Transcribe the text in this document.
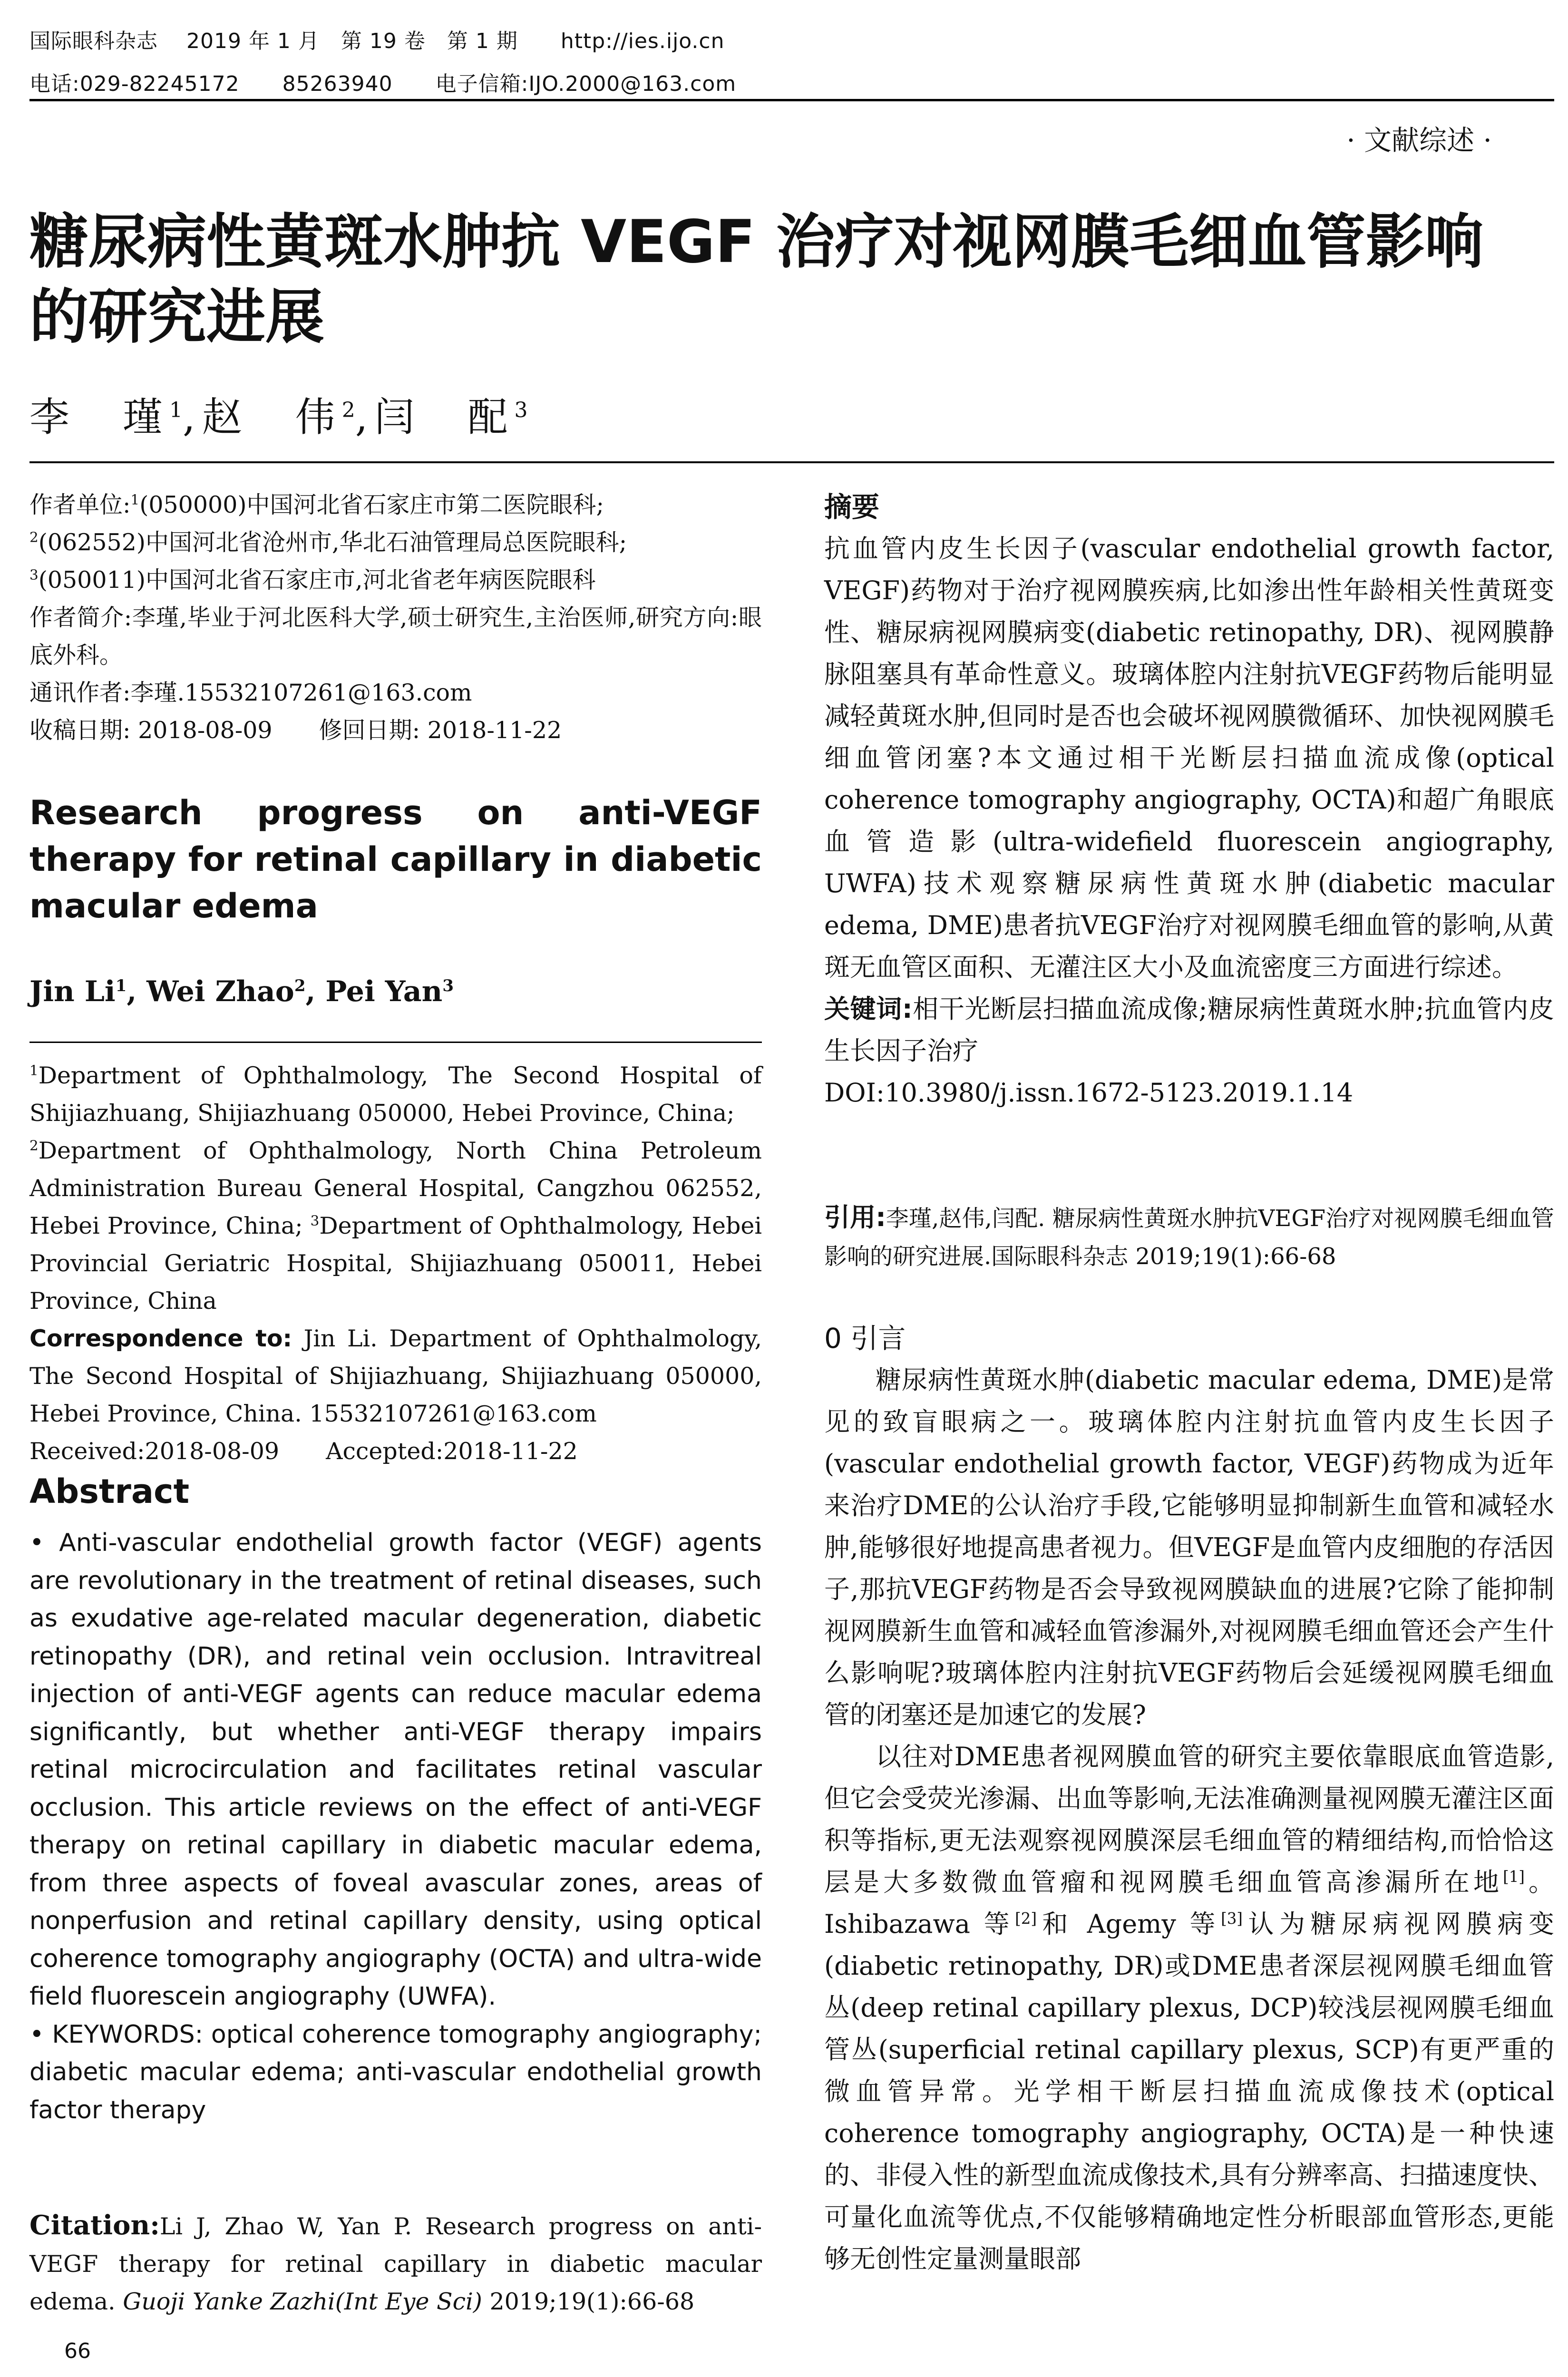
国际眼科杂志　 2019 年 1 月　第 19 卷　第 1 期　　http://ies.ijo.cn
电话:029-82245172　　85263940　　电子信箱:IJO.2000@163.com
· 文献综述 ·
糖尿病性黄斑水肿抗 VEGF 治疗对视网膜毛细血管影响的研究进展
李　瑾$^1$,赵　伟$^2$,闫　配$^3$

作者单位:$^1$(050000)中国河北省石家庄市第二医院眼科;

$^2$(062552)中国河北省沧州市,华北石油管理局总医院眼科;

$^3$(050011)中国河北省石家庄市,河北省老年病医院眼科

作者简介:李瑾,毕业于河北医科大学,硕士研究生,主治医师,研究方向:眼底外科。

通讯作者:李瑾.15532107261@163.com

收稿日期: 2018-08-09　　修回日期: 2018-11-22

Research progress on anti-VEGF therapy for retinal capillary in diabetic macular edema
Jin Li$^1$, Wei Zhao$^2$, Pei Yan$^3$

$^1$Department of Ophthalmology, The Second Hospital of Shijiazhuang, Shijiazhuang 050000, Hebei Province, China;

$^2$Department of Ophthalmology, North China Petroleum Administration Bureau General Hospital, Cangzhou 062552, Hebei Province, China; $^3$Department of Ophthalmology, Hebei Provincial Geriatric Hospital, Shijiazhuang 050011, Hebei Province, China

Correspondence to: Jin Li. Department of Ophthalmology, The Second Hospital of Shijiazhuang, Shijiazhuang 050000, Hebei Province, China. 15532107261@163.com

Received:2018-08-09　　Accepted:2018-11-22

Abstract

• Anti-vascular endothelial growth factor (VEGF) agents are revolutionary in the treatment of retinal diseases, such as exudative age-related macular degeneration, diabetic retinopathy (DR), and retinal vein occlusion. Intravitreal injection of anti-VEGF agents can reduce macular edema significantly, but whether anti-VEGF therapy impairs retinal microcirculation and facilitates retinal vascular occlusion. This article reviews on the effect of anti-VEGF therapy on retinal capillary in diabetic macular edema, from three aspects of foveal avascular zones, areas of nonperfusion and retinal capillary density, using optical coherence tomography angiography (OCTA) and ultra-wide field fluorescein angiography (UWFA).

• KEYWORDS: optical coherence tomography angiography; diabetic macular edema; anti-vascular endothelial growth factor therapy

Citation:Li J, Zhao W, Yan P. Research progress on anti-VEGF therapy for retinal capillary in diabetic macular edema. Guoji Yanke Zazhi(Int Eye Sci) 2019;19(1):66-68

66
摘要

抗血管内皮生长因子(vascular endothelial growth factor, VEGF)药物对于治疗视网膜疾病,比如渗出性年龄相关性黄斑变性、糖尿病视网膜病变(diabetic retinopathy, DR)、视网膜静脉阻塞具有革命性意义。玻璃体腔内注射抗VEGF药物后能明显减轻黄斑水肿,但同时是否也会破坏视网膜微循环、加快视网膜毛细血管闭塞?本文通过相干光断层扫描血流成像(optical coherence tomography angiography, OCTA)和超广角眼底血管造影(ultra-widefield fluorescein angiography, UWFA)技术观察糖尿病性黄斑水肿(diabetic macular edema, DME)患者抗VEGF治疗对视网膜毛细血管的影响,从黄斑无血管区面积、无灌注区大小及血流密度三方面进行综述。

关键词:相干光断层扫描血流成像;糖尿病性黄斑水肿;抗血管内皮生长因子治疗

DOI:10.3980/j.issn.1672-5123.2019.1.14

引用:李瑾,赵伟,闫配. 糖尿病性黄斑水肿抗VEGF治疗对视网膜毛细血管影响的研究进展.国际眼科杂志 2019;19(1):66-68

0 引言

糖尿病性黄斑水肿(diabetic macular edema, DME)是常见的致盲眼病之一。玻璃体腔内注射抗血管内皮生长因子(vascular endothelial growth factor, VEGF)药物成为近年来治疗DME的公认治疗手段,它能够明显抑制新生血管和减轻水肿,能够很好地提高患者视力。但VEGF是血管内皮细胞的存活因子,那抗VEGF药物是否会导致视网膜缺血的进展?它除了能抑制视网膜新生血管和减轻血管渗漏外,对视网膜毛细血管还会产生什么影响呢?玻璃体腔内注射抗VEGF药物后会延缓视网膜毛细血管的闭塞还是加速它的发展?

以往对DME患者视网膜血管的研究主要依靠眼底血管造影,但它会受荧光渗漏、出血等影响,无法准确测量视网膜无灌注区面积等指标,更无法观察视网膜深层毛细血管的精细结构,而恰恰这层是大多数微血管瘤和视网膜毛细血管高渗漏所在地[1]。Ishibazawa 等[2]和 Agemy 等[3]认为糖尿病视网膜病变(diabetic retinopathy, DR)或DME患者深层视网膜毛细血管丛(deep retinal capillary plexus, DCP)较浅层视网膜毛细血管丛(superficial retinal capillary plexus, SCP)有更严重的微血管异常。光学相干断层扫描血流成像技术(optical coherence tomography angiography, OCTA)是一种快速的、非侵入性的新型血流成像技术,具有分辨率高、扫描速度快、可量化血流等优点,不仅能够精确地定性分析眼部血管形态,更能够无创性定量测量眼部
